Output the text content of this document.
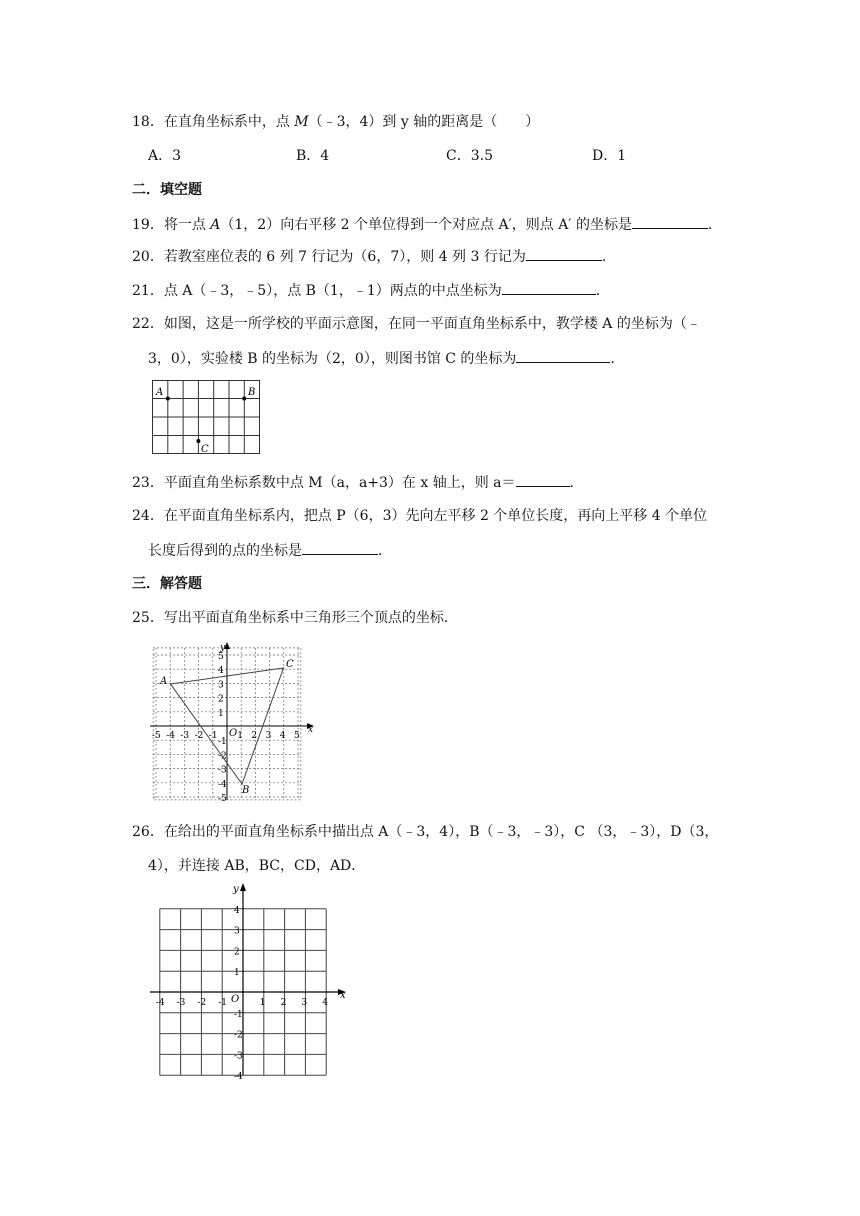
18．在直角坐标系中，点 M（﹣3，4）到 y 轴的距离是（　　）
A．3	B．4	C．3.5	D．1
二．填空题
19．将一点 A（1，2）向右平移 2 个单位得到一个对应点 A′，则点 A′ 的坐标是	．
20．若教室座位表的 6 列 7 行记为（6，7），则 4 列 3 行记为	．
21．点 A（﹣3，﹣5），点 B（1，﹣1）两点的中点坐标为	．
22．如图，这是一所学校的平面示意图，在同一平面直角坐标系中，教学楼 A 的坐标为（﹣
3，0），实验楼 B 的坐标为（2，0），则图书馆 C 的坐标为	．
A	B
C
23．平面直角坐标系数中点 M（a，a+3）在 x 轴上，则 a＝	．
24．在平面直角坐标系内，把点 P（6，3）先向左平移 2 个单位长度，再向上平移 4 个单位
长度后得到的点的坐标是	．
三．解答题
25．写出平面直角坐标系中三角形三个顶点的坐标．
x
y
O
-5 -4 -3 -2 -1 1 2 3 4 5
5
4
3
2
1
-1
-2
-3
-4
-5
A
B
C
26．在给出的平面直角坐标系中描出点 A（﹣3，4），B（﹣3，﹣3），C （3，﹣3），D（3，
4），并连接 AB，BC，CD，AD．
x
y
O
-4 -3 -2 -1	1 2 3 4
4
3
2
1
-1
-2
-3
-4
